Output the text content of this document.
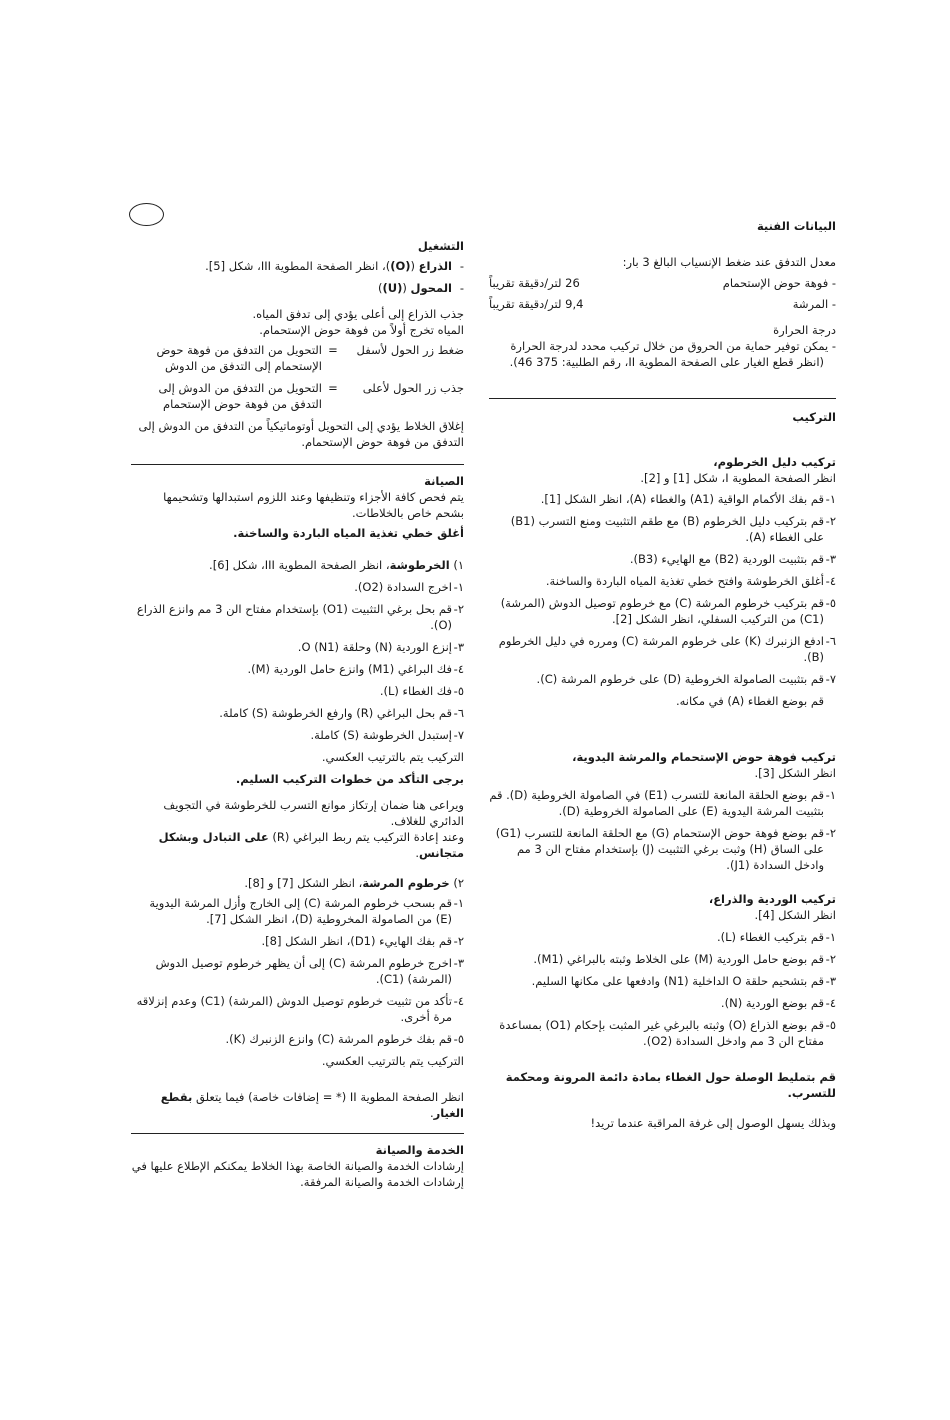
البيانات الفنية

معدل التدفق عند ضغط الإنسياب البالغ 3 بار:

- فوهة حوض الإستحمام
26 لتر/دقيقة تقريباً
- المرشة
9,4 لتر/دقيقة تقريباً

درجة الحرارة

- يمكن توفير حماية من الحروق من خلال تركيب محدد لدرجة الحرارة

(انظر قطع الغيار على الصفحة المطوية II، رقم الطلبية: 375 46).

التركيب
تركيب دليل الخرطوم،

انظر الصفحة المطوية I، شكل [1] و [2].

١-
قم بفك الأكمام الواقية (A1) والغطاء (A)، انظر الشكل [1].
٢-
قم بتركيب دليل الخرطوم (B) مع طقم التثبيت ومنع التسرب (B1) على الغطاء (A).
٣-
قم بتثبيت الوردية (B2) مع الهاييء (B3).
٤-
أغلق الخرطوشة وافتح خطي تغذية المياه الباردة والساخنة.
٥-
قم بتركيب خرطوم المرشة (C) مع خرطوم توصيل الدوش (المرشة) (C1) من التركيب السفلي، انظر الشكل [2].
٦-
ادفع الزنبرك (K) على خرطوم المرشة (C) ومرره في دليل الخرطوم (B).
٧-
قم بتثبيت الصامولة الخروطية (D) على خرطوم المرشة (C).

قم بوضع الغطاء (A) في مكانه.

تركيب فوهة حوض الإستحمام والمرشة اليدوية،

انظر الشكل [3].

١-
قم بوضع الحلقة المانعة للتسرب (E1) في الصامولة الخروطية (D). قم بتثبيت المرشة اليدوية (E) على الصامولة الخروطية (D).
٢-
قم بوضع فوهة حوض الإستحمام (G) مع الحلقة المانعة للتسرب (G1) على الساق (H) وثبت برغي التثبيت (J) بإستخدام مفتاح الن 3 مم وادخل السدادة (J1).
تركيب الوردية والذراع،

انظر الشكل [4].

١-
قم بتركيب الغطاء (L).
٢-
قم بوضع حامل الوردية (M) على الخلاط وثبته بالبراغي (M1).
٣-
قم بتشحيم حلقة O الداخلية (N1) وادفعها على مكانها السليم.
٤-
قم بوضع الوردية (N).
٥-
قم بوضع الذراع (O) وثبته بالبرغي غير المثبت بإحكام (O1) بمساعدة مفتاح الن 3 مم وادخل السدادة (O2).
قم بتمليط الوصلة حول الغطاء بمادة دائمة المرونة ومحكمة للتسرب.

وبذلك يسهل الوصول إلى غرفة المراقبة عندما تريد!

التشغيل
-
الذراع ((O))، انظر الصفحة المطوية III، شكل [5].
-
المحول ((U))

جذب الذراع إلى أعلى يؤدي إلى تدفق المياه.

المياه تخرج أولاً من فوهة حوض الإستحمام.

ضغط زر الحول لأسفل
=
التحويل من التدفق من فوهة حوض الإستحمام إلى التدفق من الدوش
جذب زر الحول لأعلى
=
التحويل من التدفق من الدوش إلى التدفق من فوهة حوض الإستحمام

إغلاق الخلاط يؤدي إلى التحويل أوتوماتيكياً من التدفق من الدوش إلى التدفق من فوهة حوض الإستحمام.

الصيانة

يتم فحص كافة الأجزاء وتنظيفها وعند اللزوم استبدالها وتشحيمها بشحم خاص بالخلاطات.

أغلق خطي تغذية المياه الباردة والساخنة.

١) الخرطوشة، انظر الصفحة المطوية III، شكل [6].

١-
اخرج السدادة (O2).
٢-
قم بحل برغي التثبيت (O1) بإستخدام مفتاح الن 3 مم وانزع الذراع (O).
٣-
إنزع الوردية (N) وحلقة O (N1).
٤-
فك البراغي (M1) وانزع حامل الوردية (M).
٥-
فك الغطاء (L).
٦-
قم بحل البراغي (R) وارفع الخرطوشة (S) كاملة.
٧-
إستبدل الخرطوشة (S) كاملة.

التركيب يتم بالترتيب العكسي.

برجى التأكد من خطوات التركيب السليم.

ويراعى هنا ضمان إرتكاز موانع التسرب للخرطوشة في التجويف الدائري للغلاف.

وعند إعادة التركيب يتم ربط البراغي (R) على التبادل وبشكل متجانس.

٢) خرطوم المرشة، انظر الشكل [7] و [8].

١-
قم بسحب خرطوم المرشة (C) إلى الخارج وأزل المرشة اليدوية (E) من الصامولة المخروطية (D)، انظر الشكل [7].
٢-
قم بفك الهاييء (D1)، انظر الشكل [8].
٣-
اخرج خرطوم المرشة (C) إلى أن يظهر خرطوم توصيل الدوش (المرشة) (C1).
٤-
تأكد من تثبيت خرطوم توصيل الدوش (المرشة) (C1) وعدم إنزلاقه مرة أخرى.
٥-
قم بفك خرطوم المرشة (C) وانزع الزنبرك (K).

التركيب يتم بالترتيب العكسي.

انظر الصفحة المطوية II (* = إضافات خاصة) فيما يتعلق بقطع الغيار.

الخدمة والصيانة

إرشادات الخدمة والصيانة الخاصة بهذا الخلاط يمكنكم الإطلاع عليها في إرشادات الخدمة والصيانة المرفقة.
